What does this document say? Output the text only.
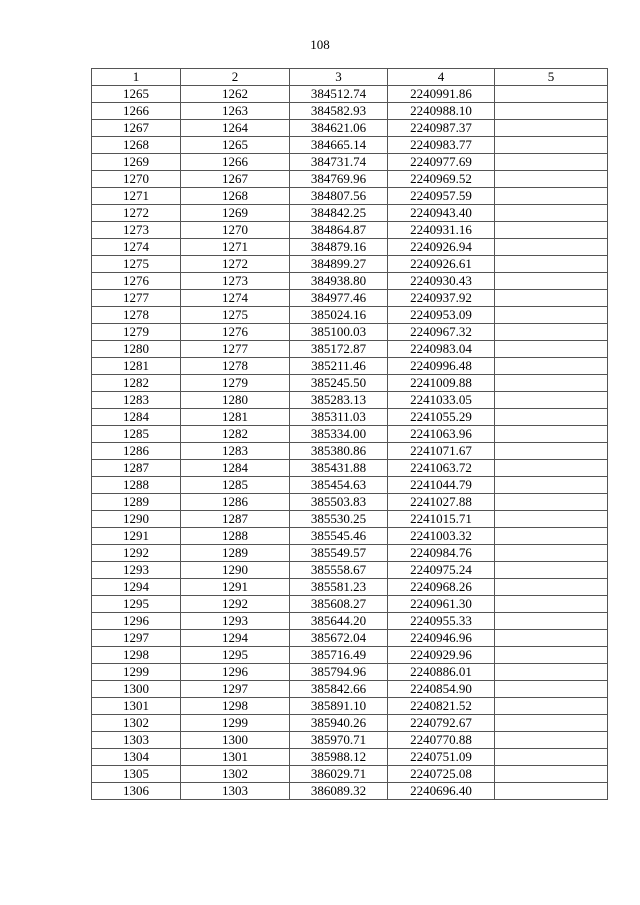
108
1	2	3	4	5
1265	1262	384512.74	2240991.86	
1266	1263	384582.93	2240988.10	
1267	1264	384621.06	2240987.37	
1268	1265	384665.14	2240983.77	
1269	1266	384731.74	2240977.69	
1270	1267	384769.96	2240969.52	
1271	1268	384807.56	2240957.59	
1272	1269	384842.25	2240943.40	
1273	1270	384864.87	2240931.16	
1274	1271	384879.16	2240926.94	
1275	1272	384899.27	2240926.61	
1276	1273	384938.80	2240930.43	
1277	1274	384977.46	2240937.92	
1278	1275	385024.16	2240953.09	
1279	1276	385100.03	2240967.32	
1280	1277	385172.87	2240983.04	
1281	1278	385211.46	2240996.48	
1282	1279	385245.50	2241009.88	
1283	1280	385283.13	2241033.05	
1284	1281	385311.03	2241055.29	
1285	1282	385334.00	2241063.96	
1286	1283	385380.86	2241071.67	
1287	1284	385431.88	2241063.72	
1288	1285	385454.63	2241044.79	
1289	1286	385503.83	2241027.88	
1290	1287	385530.25	2241015.71	
1291	1288	385545.46	2241003.32	
1292	1289	385549.57	2240984.76	
1293	1290	385558.67	2240975.24	
1294	1291	385581.23	2240968.26	
1295	1292	385608.27	2240961.30	
1296	1293	385644.20	2240955.33	
1297	1294	385672.04	2240946.96	
1298	1295	385716.49	2240929.96	
1299	1296	385794.96	2240886.01	
1300	1297	385842.66	2240854.90	
1301	1298	385891.10	2240821.52	
1302	1299	385940.26	2240792.67	
1303	1300	385970.71	2240770.88	
1304	1301	385988.12	2240751.09	
1305	1302	386029.71	2240725.08	
1306	1303	386089.32	2240696.40	
